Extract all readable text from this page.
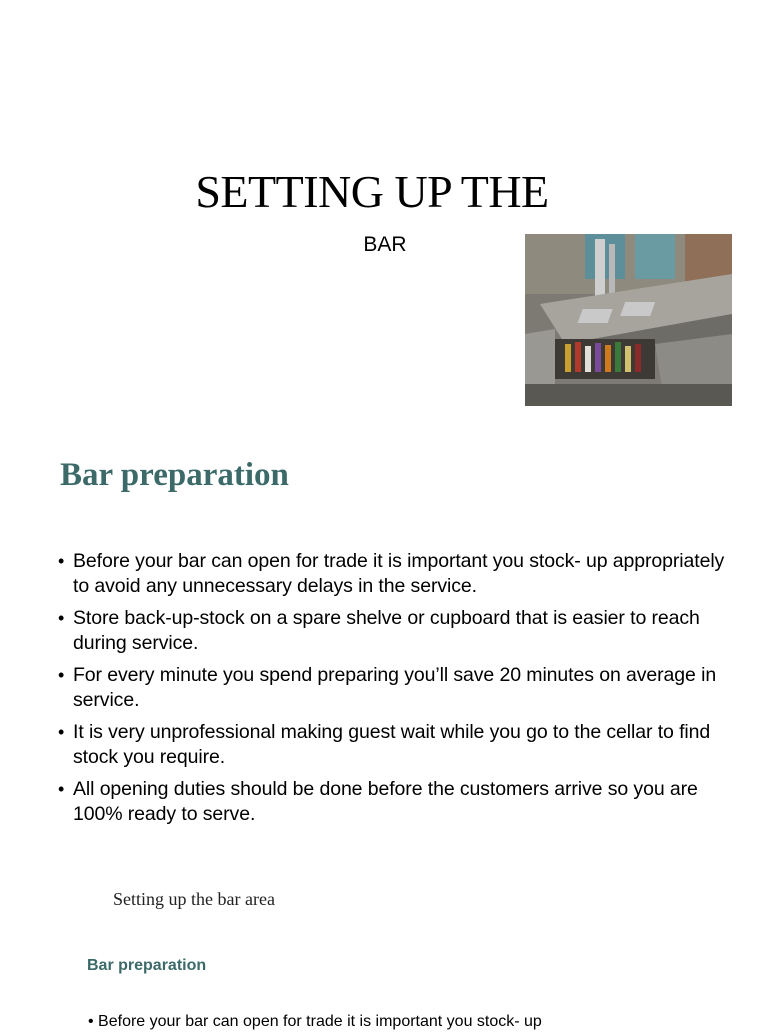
SETTING UP THE
BAR
Bar preparation
• Before your bar can open for trade it is important you stock- up appropriately to avoid any unnecessary delays in the service.
• Store back-up-stock on a spare shelve or cupboard that is easier to reach during service.
• For every minute you spend preparing you’ll save 20 minutes on average in service.
• It is very unprofessional making guest wait while you go to the cellar to find stock you require.
• All opening duties should be done before the customers arrive so you are 100% ready to serve.
Setting up the bar area
Bar preparation
• Before your bar can open for trade it is important you stock- up
